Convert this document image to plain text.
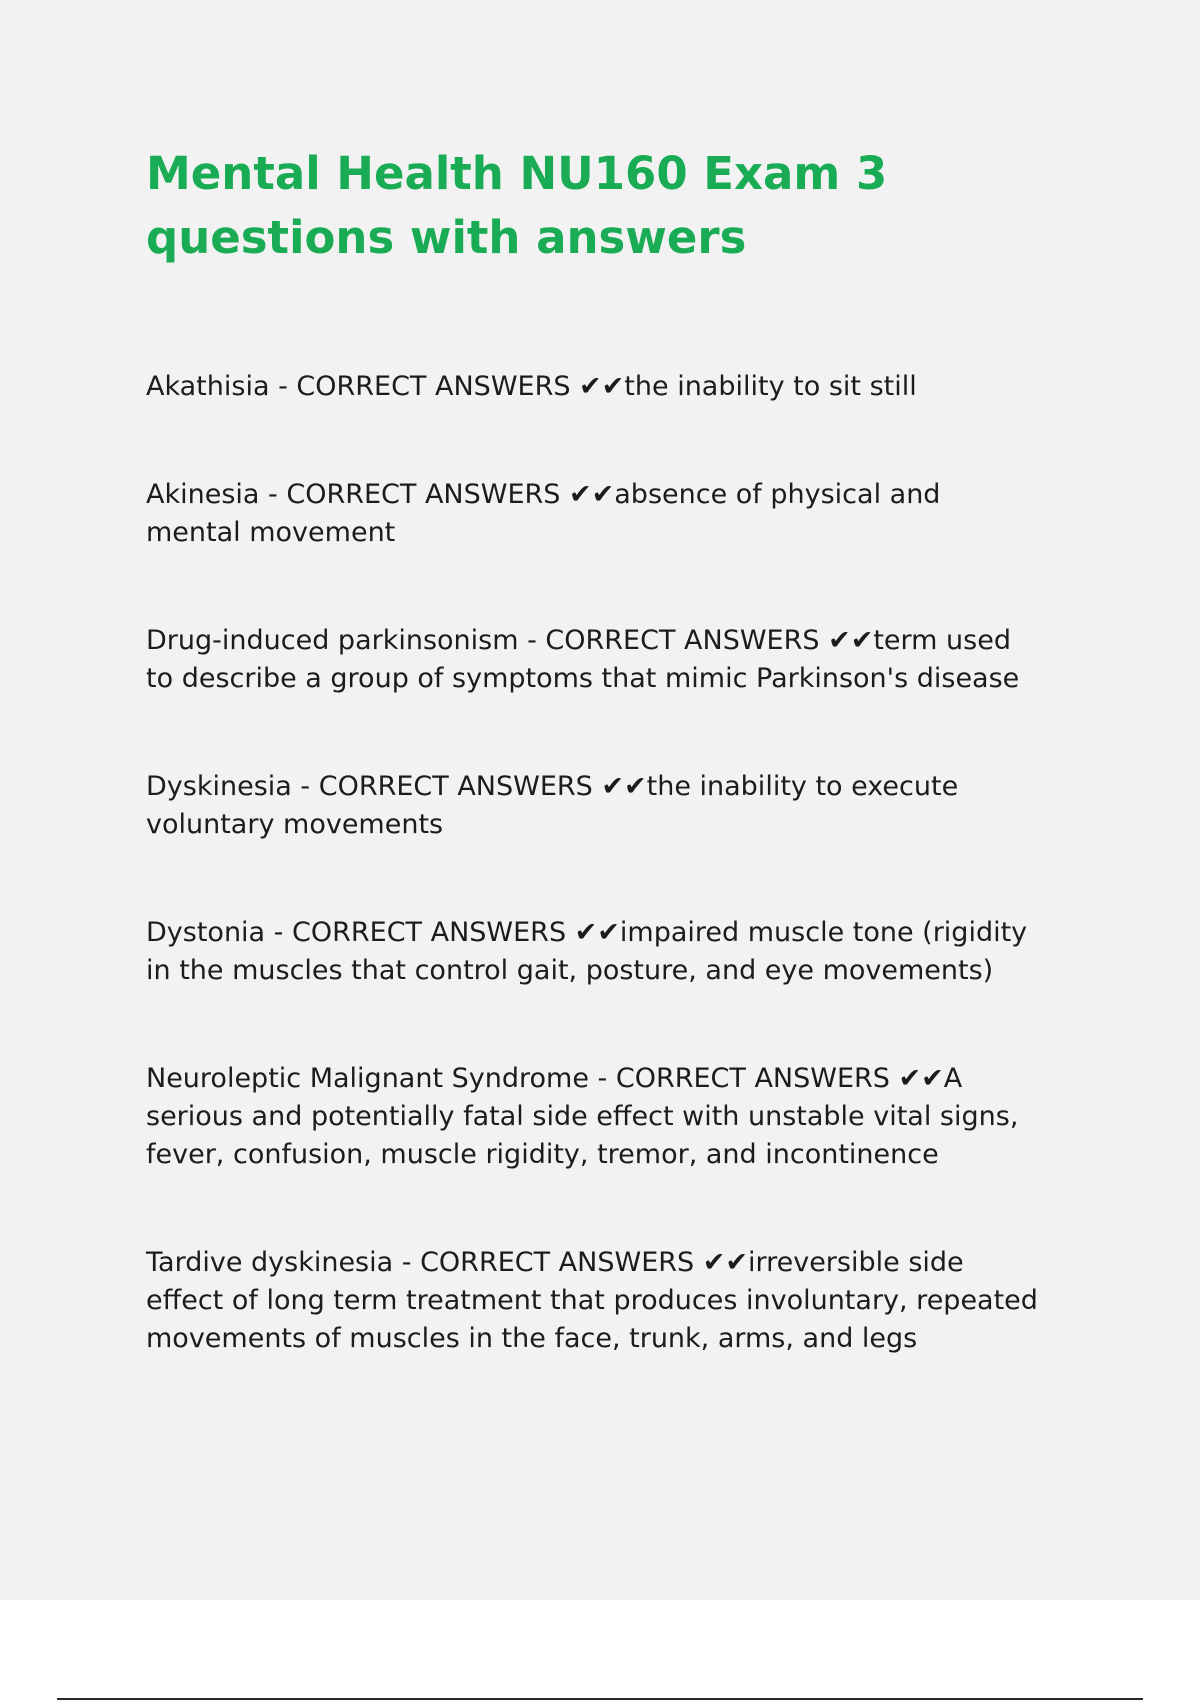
Mental Health NU160 Exam 3
questions with answers

Akathisia - CORRECT ANSWERS ✔✔the inability to sit still

Akinesia - CORRECT ANSWERS ✔✔absence of physical and
mental movement

Drug-induced parkinsonism - CORRECT ANSWERS ✔✔term used
to describe a group of symptoms that mimic Parkinson's disease

Dyskinesia - CORRECT ANSWERS ✔✔the inability to execute
voluntary movements

Dystonia - CORRECT ANSWERS ✔✔impaired muscle tone (rigidity
in the muscles that control gait, posture, and eye movements)

Neuroleptic Malignant Syndrome - CORRECT ANSWERS ✔✔A
serious and potentially fatal side effect with unstable vital signs,
fever, confusion, muscle rigidity, tremor, and incontinence

Tardive dyskinesia - CORRECT ANSWERS ✔✔irreversible side
effect of long term treatment that produces involuntary, repeated
movements of muscles in the face, trunk, arms, and legs
